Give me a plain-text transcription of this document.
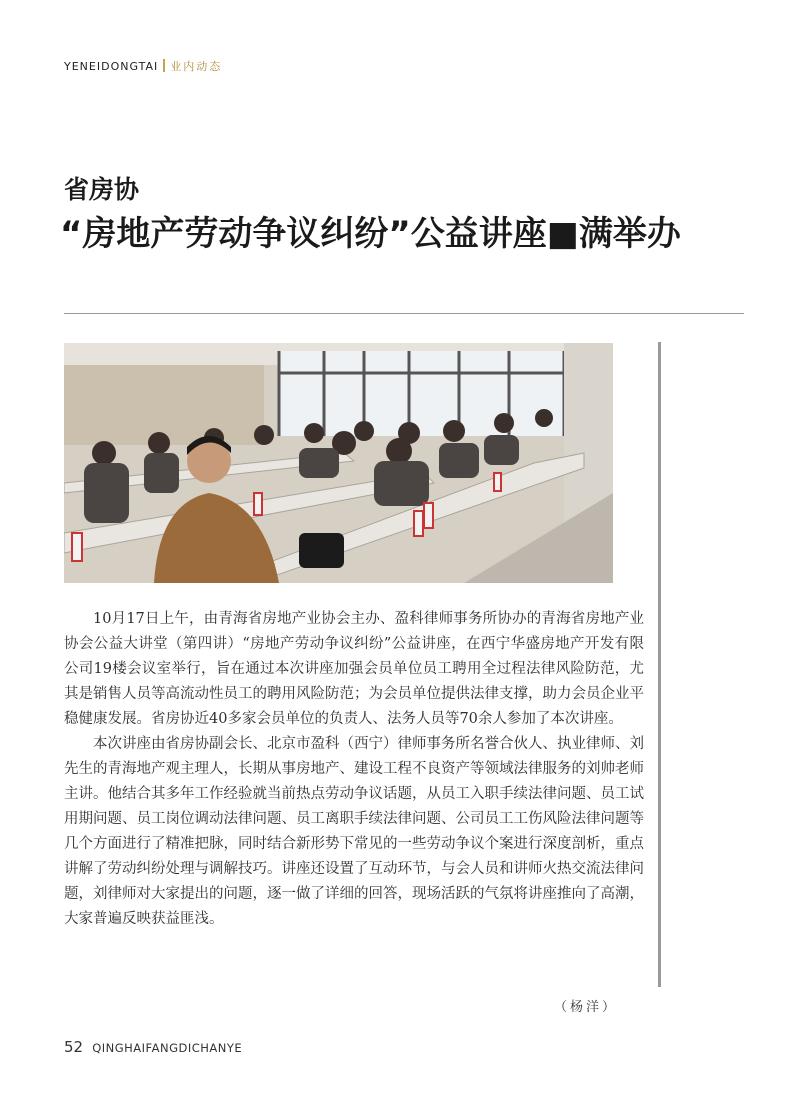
YENEIDONGTAI 业内动态
省房协
“房地产劳动争议纠纷”公益讲座■满举办

10月17日上午，由青海省房地产业协会主办、盈科律师事务所协办的青海省房地产业协会公益大讲堂（第四讲）“房地产劳动争议纠纷”公益讲座，在西宁华盛房地产开发有限公司19楼会议室举行，旨在通过本次讲座加强会员单位员工聘用全过程法律风险防范，尤其是销售人员等高流动性员工的聘用风险防范；为会员单位提供法律支撑，助力会员企业平稳健康发展。省房协近40多家会员单位的负责人、法务人员等70余人参加了本次讲座。

本次讲座由省房协副会长、北京市盈科（西宁）律师事务所名誉合伙人、执业律师、刘先生的青海地产观主理人，长期从事房地产、建设工程不良资产等领域法律服务的刘帅老师主讲。他结合其多年工作经验就当前热点劳动争议话题，从员工入职手续法律问题、员工试用期问题、员工岗位调动法律问题、员工离职手续法律问题、公司员工工伤风险法律问题等几个方面进行了精准把脉，同时结合新形势下常见的一些劳动争议个案进行深度剖析，重点讲解了劳动纠纷处理与调解技巧。讲座还设置了互动环节，与会人员和讲师火热交流法律问题，刘律师对大家提出的问题，逐一做了详细的回答，现场活跃的气氛将讲座推向了高潮，大家普遍反映获益匪浅。

（杨洋）
52 QINGHAIFANGDICHANYE
